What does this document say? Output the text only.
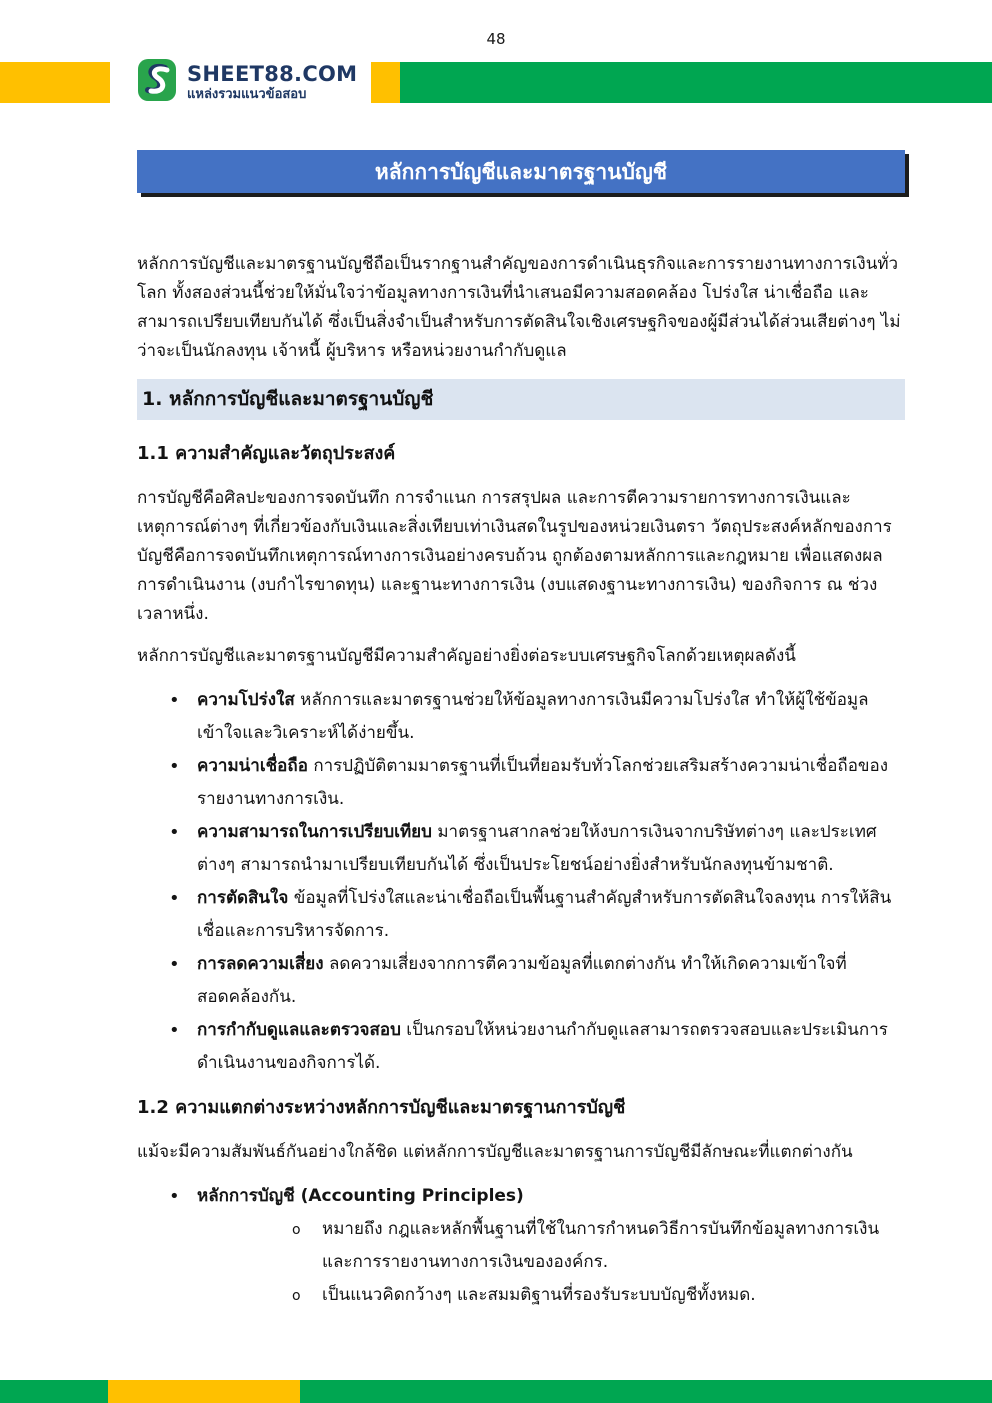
48
SHEET88.COM
แหล่งรวมแนวข้อสอบ
หลักการบัญชีและมาตรฐานบัญชี

หลักการบัญชีและมาตรฐานบัญชีถือเป็นรากฐานสำคัญของการดำเนินธุรกิจและการรายงานทางการเงินทั่วโลก ทั้งสองส่วนนี้ช่วยให้มั่นใจว่าข้อมูลทางการเงินที่นำเสนอมีความสอดคล้อง โปร่งใส น่าเชื่อถือ และสามารถเปรียบเทียบกันได้ ซึ่งเป็นสิ่งจำเป็นสำหรับการตัดสินใจเชิงเศรษฐกิจของผู้มีส่วนได้ส่วนเสียต่างๆ ไม่ว่าจะเป็นนักลงทุน เจ้าหนี้ ผู้บริหาร หรือหน่วยงานกำกับดูแล

1. หลักการบัญชีและมาตรฐานบัญชี
1.1 ความสำคัญและวัตถุประสงค์

การบัญชีคือศิลปะของการจดบันทึก การจำแนก การสรุปผล และการตีความรายการทางการเงินและเหตุการณ์ต่างๆ ที่เกี่ยวข้องกับเงินและสิ่งเทียบเท่าเงินสดในรูปของหน่วยเงินตรา วัตถุประสงค์หลักของการบัญชีคือการจดบันทึกเหตุการณ์ทางการเงินอย่างครบถ้วน ถูกต้องตามหลักการและกฎหมาย เพื่อแสดงผลการดำเนินงาน (งบกำไรขาดทุน) และฐานะทางการเงิน (งบแสดงฐานะทางการเงิน) ของกิจการ ณ ช่วงเวลาหนึ่ง.

หลักการบัญชีและมาตรฐานบัญชีมีความสำคัญอย่างยิ่งต่อระบบเศรษฐกิจโลกด้วยเหตุผลดังนี้

• ความโปร่งใส หลักการและมาตรฐานช่วยให้ข้อมูลทางการเงินมีความโปร่งใส ทำให้ผู้ใช้ข้อมูลเข้าใจและวิเคราะห์ได้ง่ายขึ้น.
• ความน่าเชื่อถือ การปฏิบัติตามมาตรฐานที่เป็นที่ยอมรับทั่วโลกช่วยเสริมสร้างความน่าเชื่อถือของรายงานทางการเงิน.
• ความสามารถในการเปรียบเทียบ มาตรฐานสากลช่วยให้งบการเงินจากบริษัทต่างๆ และประเทศต่างๆ สามารถนำมาเปรียบเทียบกันได้ ซึ่งเป็นประโยชน์อย่างยิ่งสำหรับนักลงทุนข้ามชาติ.
• การตัดสินใจ ข้อมูลที่โปร่งใสและน่าเชื่อถือเป็นพื้นฐานสำคัญสำหรับการตัดสินใจลงทุน การให้สินเชื่อและการบริหารจัดการ.
• การลดความเสี่ยง ลดความเสี่ยงจากการตีความข้อมูลที่แตกต่างกัน ทำให้เกิดความเข้าใจที่สอดคล้องกัน.
• การกำกับดูแลและตรวจสอบ เป็นกรอบให้หน่วยงานกำกับดูแลสามารถตรวจสอบและประเมินการดำเนินงานของกิจการได้.
1.2 ความแตกต่างระหว่างหลักการบัญชีและมาตรฐานการบัญชี

แม้จะมีความสัมพันธ์กันอย่างใกล้ชิด แต่หลักการบัญชีและมาตรฐานการบัญชีมีลักษณะที่แตกต่างกัน

• หลักการบัญชี (Accounting Principles)
o หมายถึง กฎและหลักพื้นฐานที่ใช้ในการกำหนดวิธีการบันทึกข้อมูลทางการเงินและการรายงานทางการเงินขององค์กร.
o เป็นแนวคิดกว้างๆ และสมมติฐานที่รองรับระบบบัญชีทั้งหมด.
